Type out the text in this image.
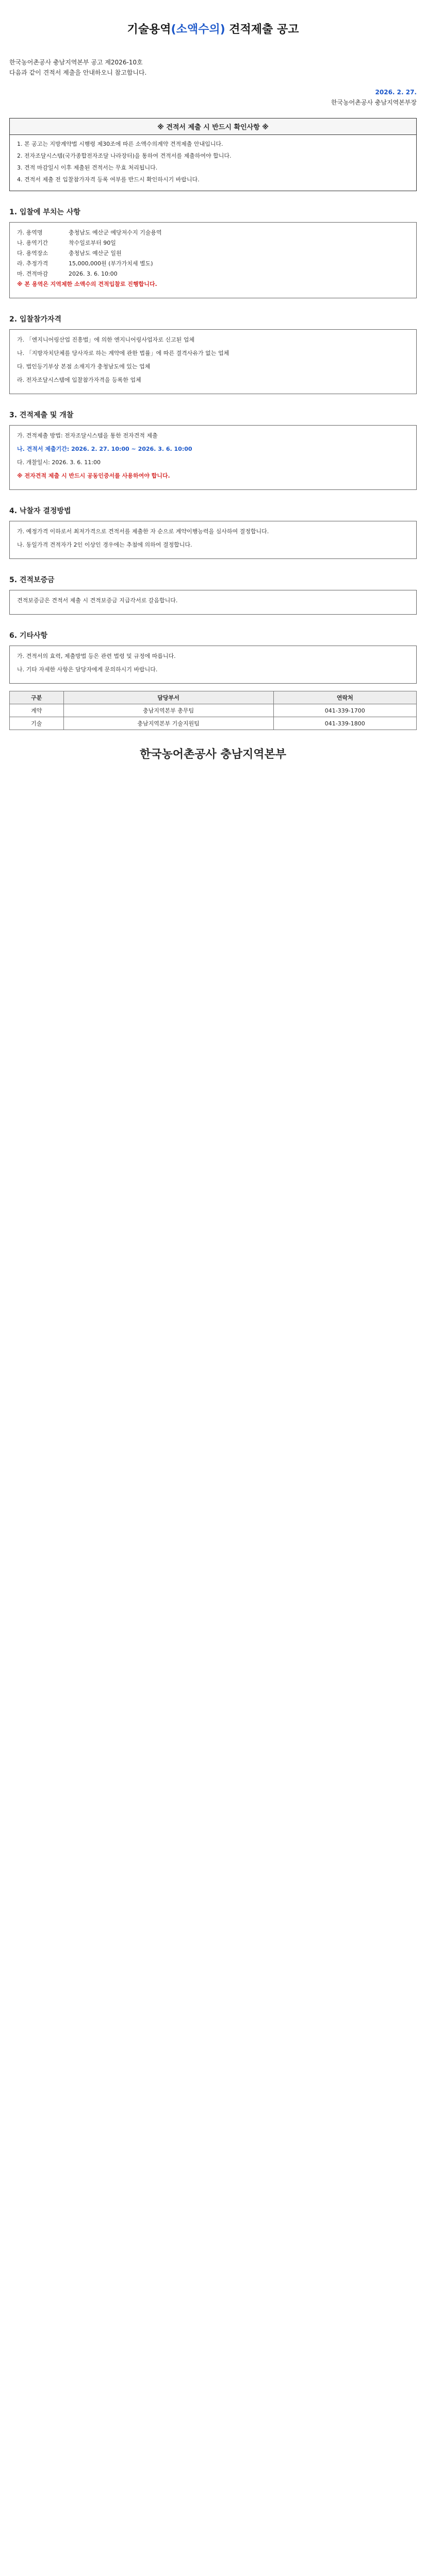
기술용역(소액수의) 견적제출 공고

한국농어촌공사 충남지역본부 공고 제2026-10호

다음과 같이 견적서 제출을 안내하오니 참고합니다.

2026. 2. 27.
한국농어촌공사 충남지역본부장
※ 견적서 제출 시 반드시 확인사항 ※

1. 본 공고는 지방계약법 시행령 제30조에 따른 소액수의계약 견적제출 안내입니다.

2. 전자조달시스템(국가종합전자조달 나라장터)을 통하여 견적서를 제출하여야 합니다.

3. 견적 마감일시 이후 제출된 견적서는 무효 처리됩니다.

4. 견적서 제출 전 입찰참가자격 등록 여부를 반드시 확인하시기 바랍니다.

1. 입찰에 부치는 사항
가. 용역명	충청남도 예산군 예당저수지 기술용역
나. 용역기간	착수일로부터 90일
다. 용역장소	충청남도 예산군 일원
라. 추정가격	15,000,000원 (부가가치세 별도)
마. 견적마감	2026. 3. 6. 10:00

※ 본 용역은 지역제한 소액수의 견적입찰로 진행합니다.

2. 입찰참가자격

가. 「엔지니어링산업 진흥법」에 의한 엔지니어링사업자로 신고된 업체

나. 「지방자치단체를 당사자로 하는 계약에 관한 법률」에 따른 결격사유가 없는 업체

다. 법인등기부상 본점 소재지가 충청남도에 있는 업체

라. 전자조달시스템에 입찰참가자격을 등록한 업체

3. 견적제출 및 개찰

가. 견적제출 방법: 전자조달시스템을 통한 전자견적 제출

나. 견적서 제출기간: 2026. 2. 27. 10:00 ~ 2026. 3. 6. 10:00

다. 개찰일시: 2026. 3. 6. 11:00

※ 전자견적 제출 시 반드시 공동인증서를 사용하여야 합니다.

4. 낙찰자 결정방법

가. 예정가격 이하로서 최저가격으로 견적서를 제출한 자 순으로 계약이행능력을 심사하여 결정합니다.

나. 동일가격 견적자가 2인 이상인 경우에는 추첨에 의하여 결정합니다.

5. 견적보증금

견적보증금은 견적서 제출 시 견적보증금 지급각서로 갈음합니다.

6. 기타사항

가. 견적서의 효력, 제출방법 등은 관련 법령 및 규정에 따릅니다.

나. 기타 자세한 사항은 담당자에게 문의하시기 바랍니다.

구분	담당부서	연락처
계약	충남지역본부 총무팀	041-339-1700
기술	충남지역본부 기술지원팀	041-339-1800
한국농어촌공사 충남지역본부
